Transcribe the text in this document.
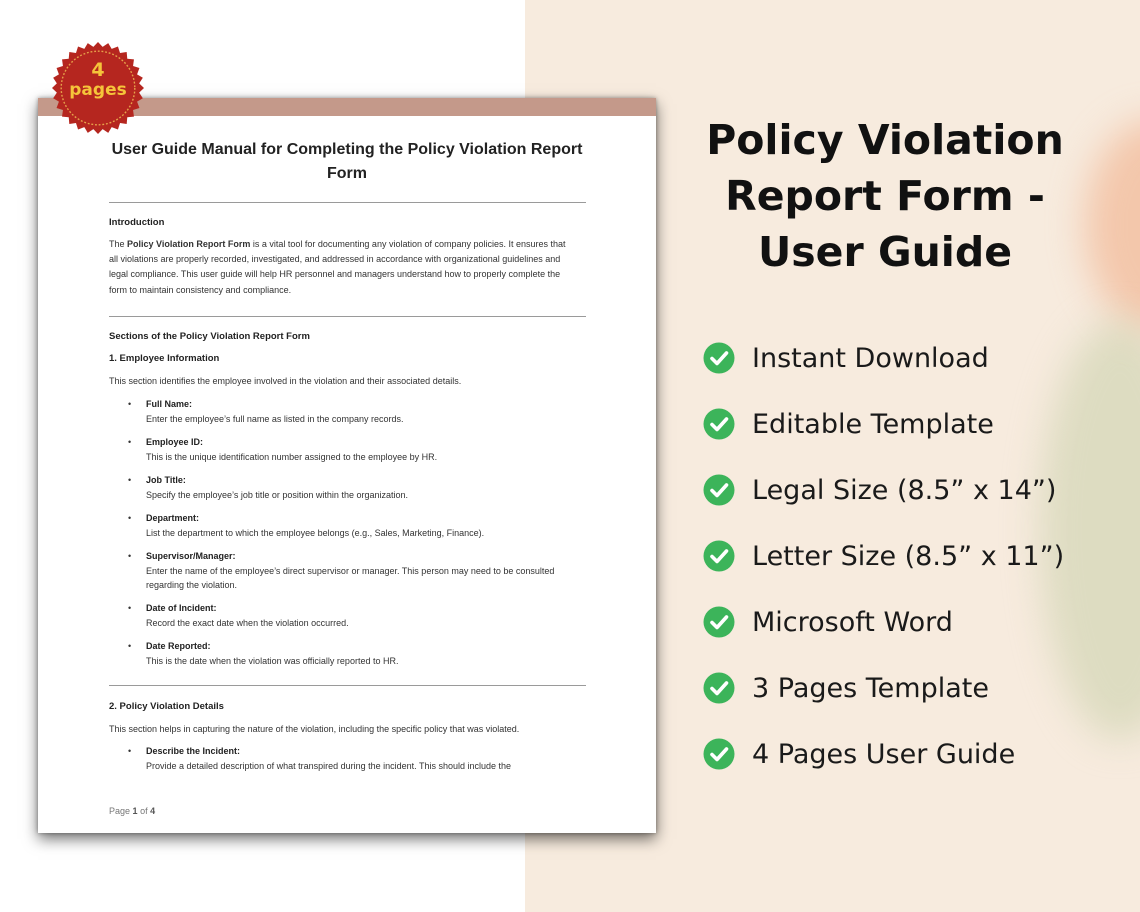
User Guide Manual for Completing the Policy Violation Report Form
Introduction
The Policy Violation Report Form is a vital tool for documenting any violation of company policies. It ensures that all violations are properly recorded, investigated, and addressed in accordance with organizational guidelines and legal compliance. This user guide will help HR personnel and managers understand how to properly complete the form to maintain consistency and compliance.
Sections of the Policy Violation Report Form
1. Employee Information
This section identifies the employee involved in the violation and their associated details.
• Full Name:
Enter the employee’s full name as listed in the company records.
• Employee ID:
This is the unique identification number assigned to the employee by HR.
• Job Title:
Specify the employee’s job title or position within the organization.
• Department:
List the department to which the employee belongs (e.g., Sales, Marketing, Finance).
• Supervisor/Manager:
Enter the name of the employee’s direct supervisor or manager. This person may need to be consulted regarding the violation.
• Date of Incident:
Record the exact date when the violation occurred.
• Date Reported:
This is the date when the violation was officially reported to HR.
2. Policy Violation Details
This section helps in capturing the nature of the violation, including the specific policy that was violated.
• Describe the Incident:
Provide a detailed description of what transpired during the incident. This should include the
Page 1 of 4
4
pages
Policy Violation
Report Form -
User Guide
Instant Download
Editable Template
Legal Size (8.5” x 14”)
Letter Size (8.5” x 11”)
Microsoft Word
3 Pages Template
4 Pages User Guide
